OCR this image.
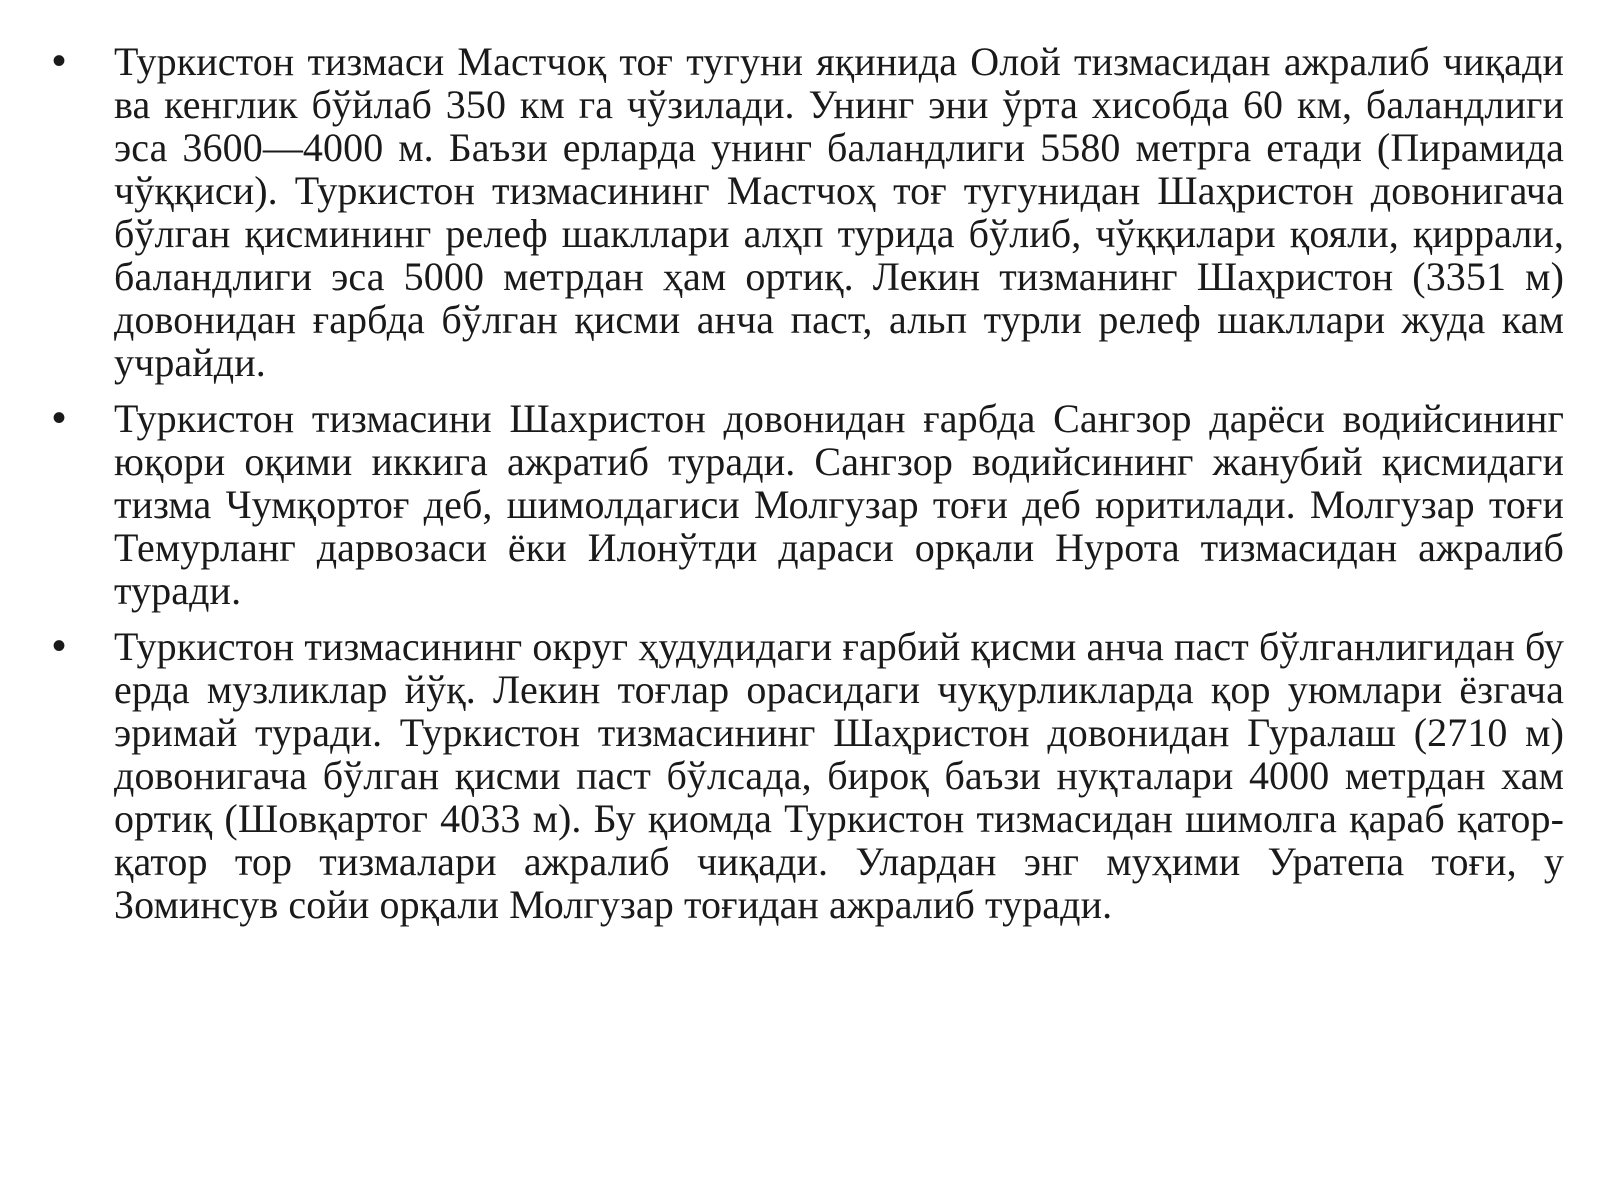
•	Туркистон тизмаси Мастчоқ тоғ тугуни яқинида Олой тизмасидан ажралиб чиқади ва кенглик бўйлаб 350 км га чўзилади. Унинг эни ўрта хисобда 60 км, баландлиги эса 3600—4000 м. Баъзи ерларда унинг баландлиги 5580 метрга етади (Пирамида чўққиси). Туркистон тизмасининг Мастчоҳ тоғ тугунидан Шаҳристон довонигача бўлган қисмининг релеф шакллари алҳп турида бўлиб, чўққилари қояли, қиррали, баландлиги эса 5000 метрдан ҳам ортиқ. Лекин тизманинг Шаҳристон (3351 м) довонидан ғарбда бўлган қисми анча паст, альп турли релеф шакллари жуда кам учрайди.
•	Туркистон тизмасини Шахристон довонидан ғарбда Сангзор дарёси водийсининг юқори оқими иккига ажратиб туради. Сангзор водийсининг жанубий қисмидаги тизма Чумқортоғ деб, шимолдагиси Молгузар тоғи деб юритилади. Молгузар тоғи Темурланг дарвозаси ёки Илонўтди дараси орқали Нурота тизмасидан ажралиб туради.
•	Туркистон тизмасининг округ ҳудудидаги ғарбий қисми анча паст бўлганлигидан бу ерда музликлар йўқ. Лекин тоғлар орасидаги чуқурликларда қор уюмлари ёзгача эримай туради. Туркистон тизмасининг Шаҳристон довонидан Гуралаш (2710 м) довонигача бўлган қисми паст бўлсада, бироқ баъзи нуқталари 4000 метрдан хам ортиқ (Шовқартог 4033 м). Бу қиомда Туркистон тизмасидан шимолга қараб қатор-қатор тор тизмалари ажралиб чиқади. Улардан энг муҳими Уратепа тоғи, у Зоминсув сойи орқали Молгузар тоғидан ажралиб туради.
